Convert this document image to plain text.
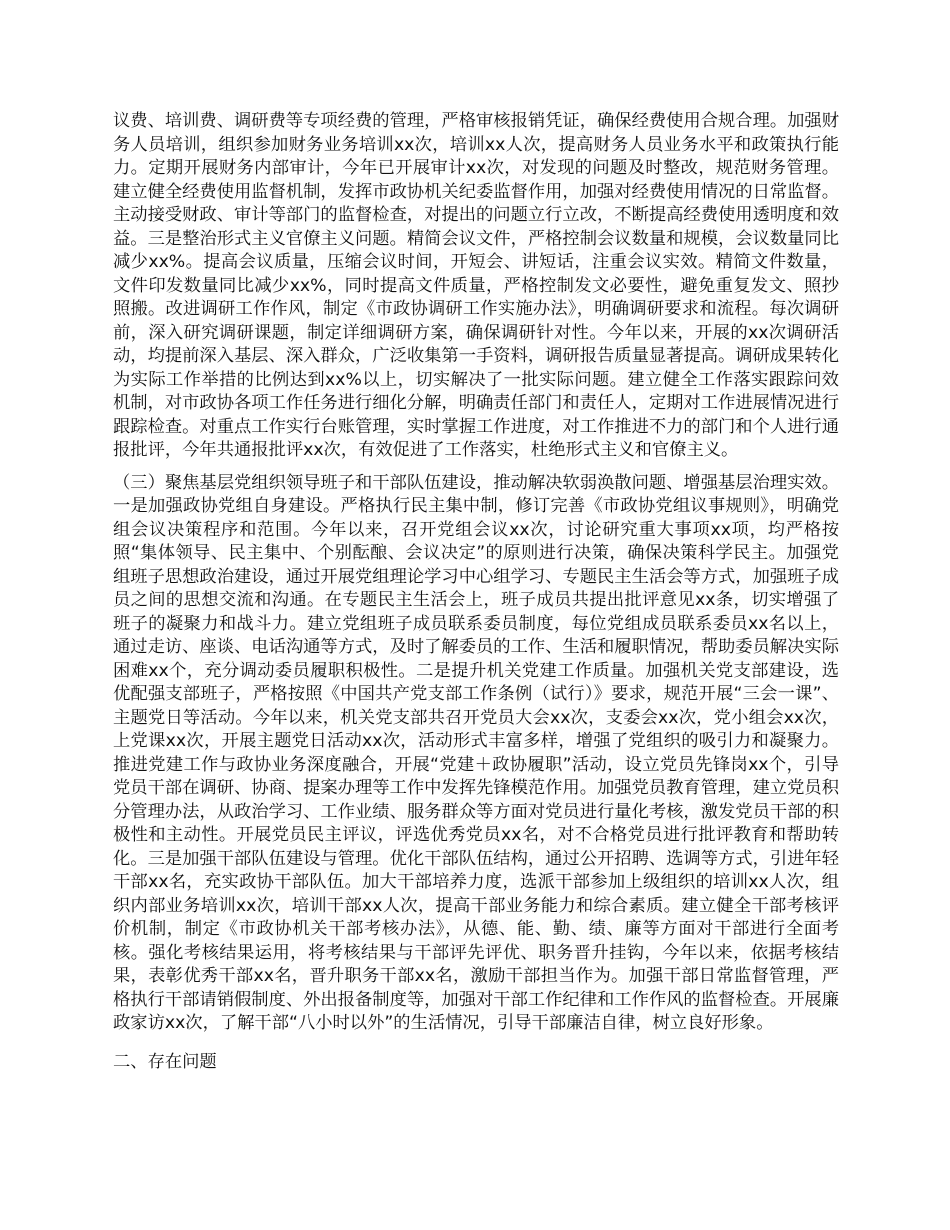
议费、培训费、调研费等专项经费的管理，严格审核报销凭证，确保经费使用合规合理。加强财务人员培训，组织参加财务业务培训xx次，培训xx人次，提高财务人员业务水平和政策执行能力。定期开展财务内部审计，今年已开展审计xx次，对发现的问题及时整改，规范财务管理。建立健全经费使用监督机制，发挥市政协机关纪委监督作用，加强对经费使用情况的日常监督。主动接受财政、审计等部门的监督检查，对提出的问题立行立改，不断提高经费使用透明度和效益。三是整治形式主义官僚主义问题。精简会议文件，严格控制会议数量和规模，会议数量同比减少xx%。提高会议质量，压缩会议时间，开短会、讲短话，注重会议实效。精简文件数量，文件印发数量同比减少xx%，同时提高文件质量，严格控制发文必要性，避免重复发文、照抄照搬。改进调研工作作风，制定《市政协调研工作实施办法》，明确调研要求和流程。每次调研前，深入研究调研课题，制定详细调研方案，确保调研针对性。今年以来，开展的xx次调研活动，均提前深入基层、深入群众，广泛收集第一手资料，调研报告质量显著提高。调研成果转化为实际工作举措的比例达到xx%以上，切实解决了一批实际问题。建立健全工作落实跟踪问效机制，对市政协各项工作任务进行细化分解，明确责任部门和责任人，定期对工作进展情况进行跟踪检查。对重点工作实行台账管理，实时掌握工作进度，对工作推进不力的部门和个人进行通报批评，今年共通报批评xx次，有效促进了工作落实，杜绝形式主义和官僚主义。

（三）聚焦基层党组织领导班子和干部队伍建设，推动解决软弱涣散问题、增强基层治理实效。一是加强政协党组自身建设。严格执行民主集中制，修订完善《市政协党组议事规则》，明确党组会议决策程序和范围。今年以来，召开党组会议xx次，讨论研究重大事项xx项，均严格按照“集体领导、民主集中、个别酝酿、会议决定”的原则进行决策，确保决策科学民主。加强党组班子思想政治建设，通过开展党组理论学习中心组学习、专题民主生活会等方式，加强班子成员之间的思想交流和沟通。在专题民主生活会上，班子成员共提出批评意见xx条，切实增强了班子的凝聚力和战斗力。建立党组班子成员联系委员制度，每位党组成员联系委员xx名以上，通过走访、座谈、电话沟通等方式，及时了解委员的工作、生活和履职情况，帮助委员解决实际困难xx个，充分调动委员履职积极性。二是提升机关党建工作质量。加强机关党支部建设，选优配强支部班子，严格按照《中国共产党支部工作条例（试行）》要求，规范开展“三会一课”、主题党日等活动。今年以来，机关党支部共召开党员大会xx次，支委会xx次，党小组会xx次，上党课xx次，开展主题党日活动xx次，活动形式丰富多样，增强了党组织的吸引力和凝聚力。推进党建工作与政协业务深度融合，开展“党建＋政协履职”活动，设立党员先锋岗xx个，引导党员干部在调研、协商、提案办理等工作中发挥先锋模范作用。加强党员教育管理，建立党员积分管理办法，从政治学习、工作业绩、服务群众等方面对党员进行量化考核，激发党员干部的积极性和主动性。开展党员民主评议，评选优秀党员xx名，对不合格党员进行批评教育和帮助转化。三是加强干部队伍建设与管理。优化干部队伍结构，通过公开招聘、选调等方式，引进年轻干部xx名，充实政协干部队伍。加大干部培养力度，选派干部参加上级组织的培训xx人次，组织内部业务培训xx次，培训干部xx人次，提高干部业务能力和综合素质。建立健全干部考核评价机制，制定《市政协机关干部考核办法》，从德、能、勤、绩、廉等方面对干部进行全面考核。强化考核结果运用，将考核结果与干部评先评优、职务晋升挂钩，今年以来，依据考核结果，表彰优秀干部xx名，晋升职务干部xx名，激励干部担当作为。加强干部日常监督管理，严格执行干部请销假制度、外出报备制度等，加强对干部工作纪律和工作作风的监督检查。开展廉政家访xx次，了解干部“八小时以外”的生活情况，引导干部廉洁自律，树立良好形象。

二、存在问题
